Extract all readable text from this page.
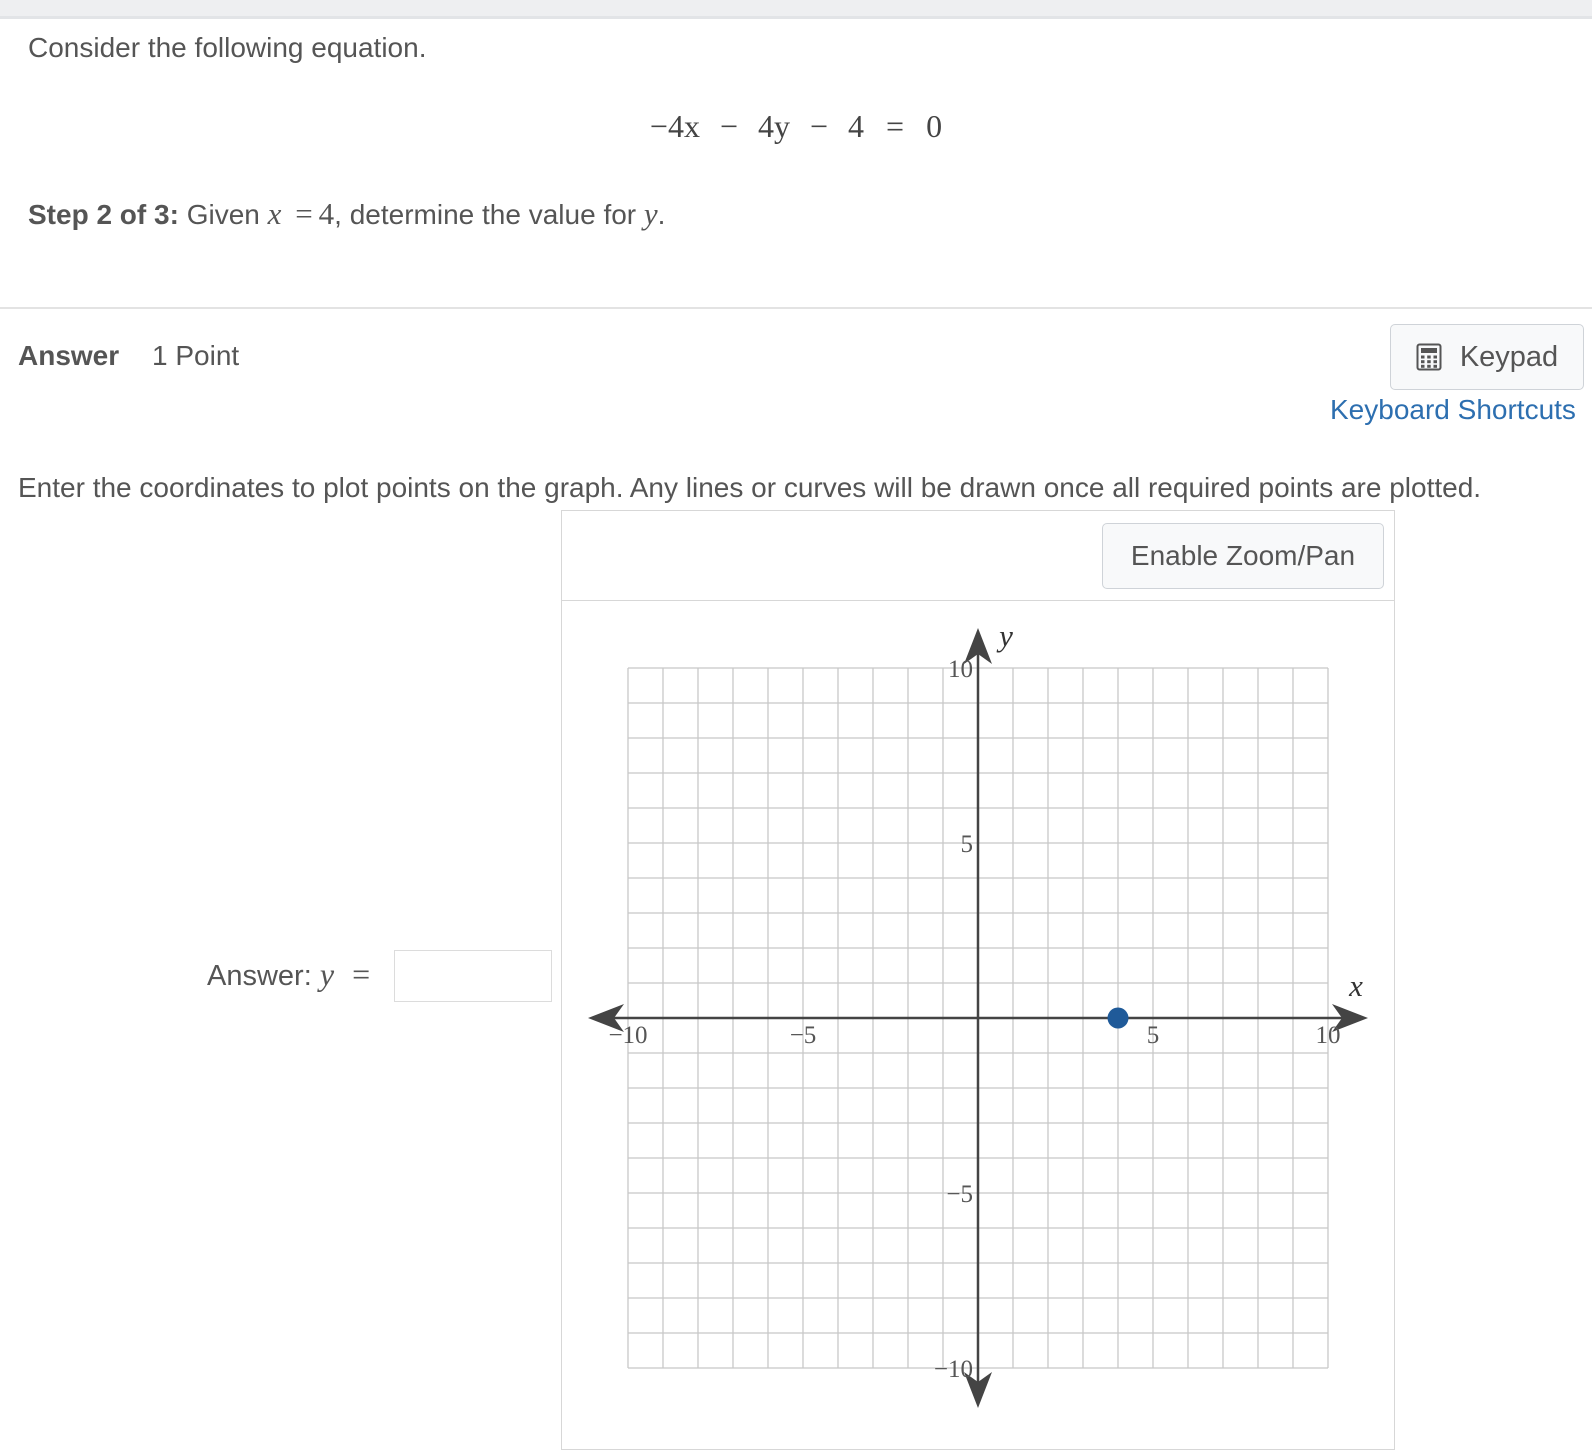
Consider the following equation.
−4x − 4y − 4 = 0
Step 2 of 3: Given x = 4, determine the value for y.
Answer 1 Point	Keypad
Keyboard Shortcuts
Enter the coordinates to plot points on the graph. Any lines or curves will be drawn once all required points are plotted.
Enable Zoom/Pan
Answer: y =	x
y
−10	−5	5	10
10
5
−5
−10
